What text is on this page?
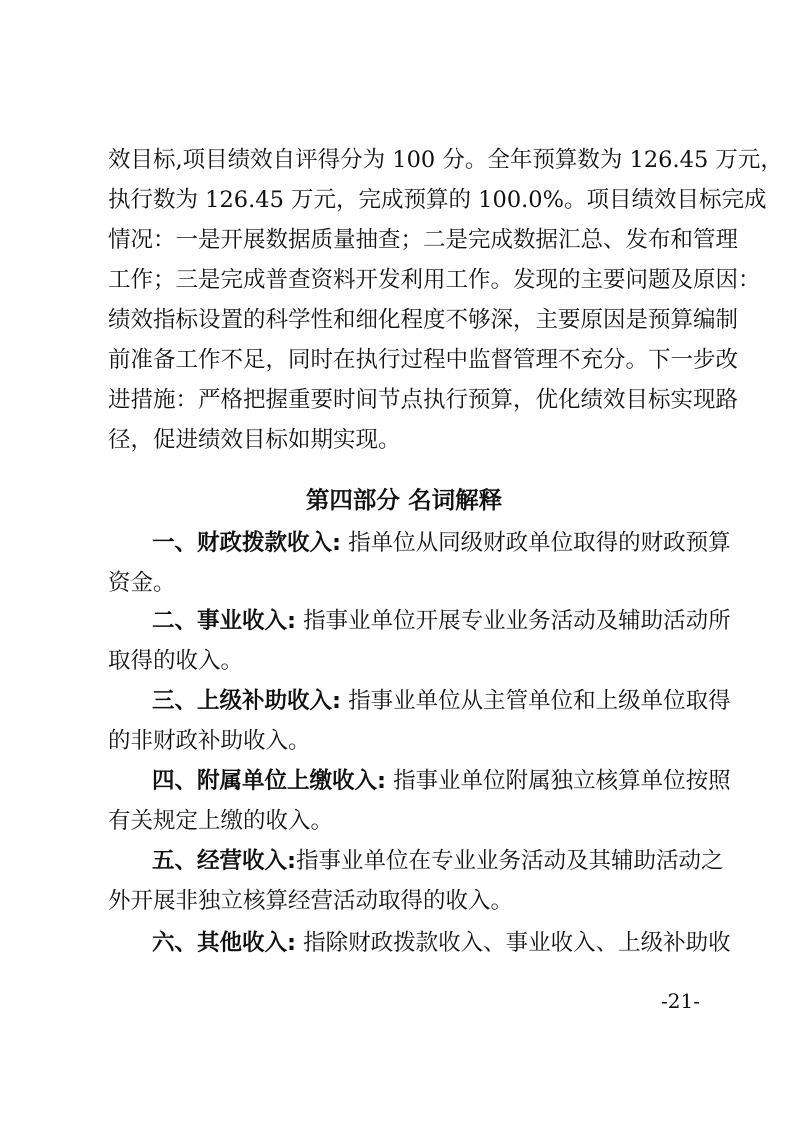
效目标,项目绩效自评得分为 100 分。全年预算数为 126.45 万元，
执行数为 126.45 万元，完成预算的 100.0%。项目绩效目标完成
情况：一是开展数据质量抽查；二是完成数据汇总、发布和管理
工作；三是完成普查资料开发利用工作。发现的主要问题及原因：
绩效指标设置的科学性和细化程度不够深，主要原因是预算编制
前准备工作不足，同时在执行过程中监督管理不充分。下一步改
进措施：严格把握重要时间节点执行预算，优化绩效目标实现路
径，促进绩效目标如期实现。
第四部分 名词解释
一、财政拨款收入: 指单位从同级财政单位取得的财政预算
资金。
二、事业收入: 指事业单位开展专业业务活动及辅助活动所
取得的收入。
三、上级补助收入: 指事业单位从主管单位和上级单位取得
的非财政补助收入。
四、附属单位上缴收入: 指事业单位附属独立核算单位按照
有关规定上缴的收入。
五、经营收入:指事业单位在专业业务活动及其辅助活动之
外开展非独立核算经营活动取得的收入。
六、其他收入: 指除财政拨款收入、事业收入、上级补助收
-21-
